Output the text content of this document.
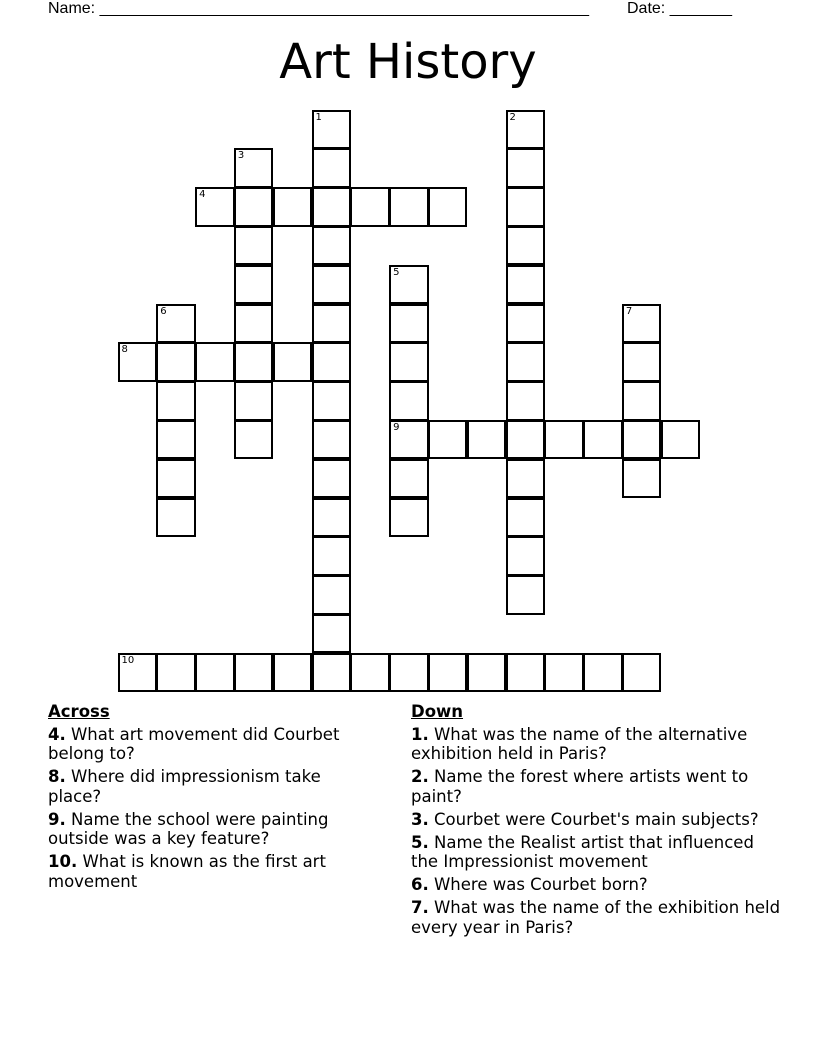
Name: _______________________________________________________ Date: _______
Art History
1	2
3
4
5
6	7
8
9
10
Across
4. What art movement did Courbet belong to?
8. Where did impressionism take place?
9. Name the school were painting outside was a key feature?
10. What is known as the first art movement
Down
1. What was the name of the alternative exhibition held in Paris?
2. Name the forest where artists went to paint?
3. Courbet were Courbet's main subjects?
5. Name the Realist artist that influenced the Impressionist movement
6. Where was Courbet born?
7. What was the name of the exhibition held every year in Paris?
